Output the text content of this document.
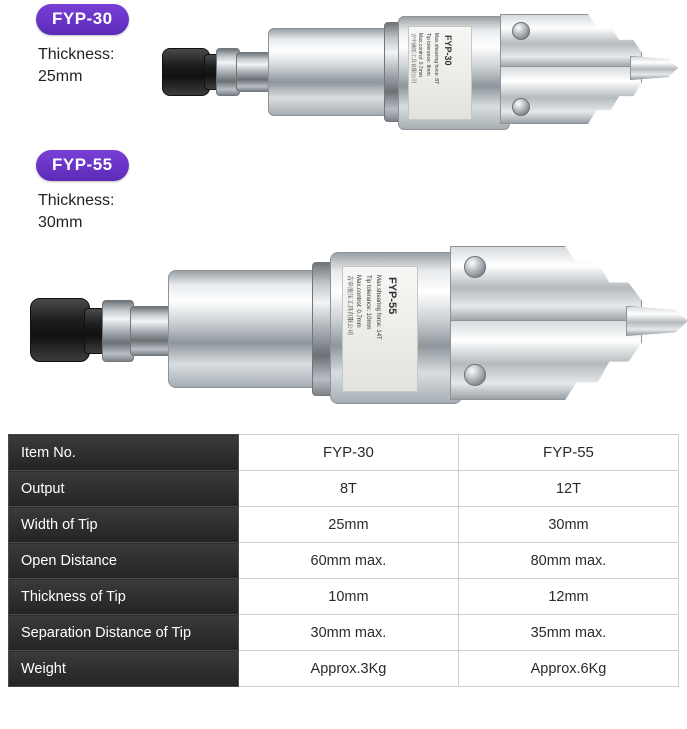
FYP-30
Thickness:
25mm
FYP-30
Max.shearing force: 8T
Tip tolerance: 8mm
Max.control: 0.7mm
吉申液压工具有限公司
FYP-55
Max.shearing force: 14T
Tip tolerance: 10mm
Max.control: 0.7mm
吉申液压工具有限公司
FYP-55
Thickness:
30mm
Item No.	FYP-30	FYP-55
Output	8T	12T
Width of Tip	25mm	30mm
Open Distance	60mm max.	80mm max.
Thickness of Tip	10mm	12mm
Separation Distance of Tip	30mm max.	35mm max.
Weight	Approx.3Kg	Approx.6Kg
